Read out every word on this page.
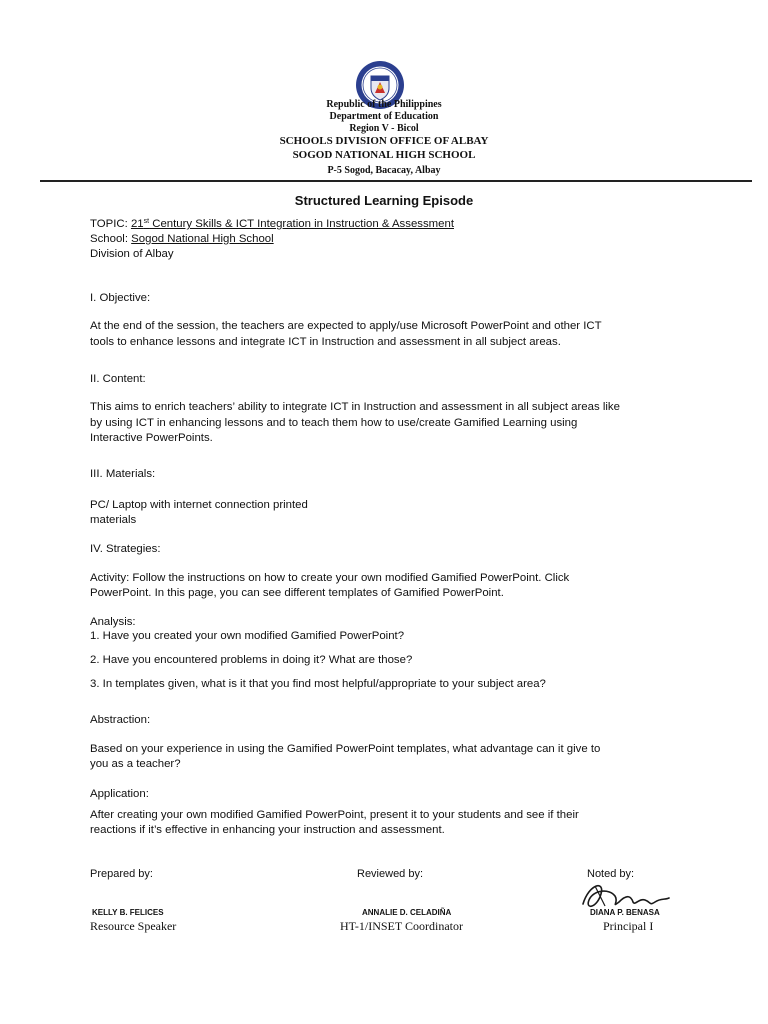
Republic of the Philippines
Department of Education
Region V - Bicol
SCHOOLS DIVISION OFFICE OF ALBAY
SOGOD NATIONAL HIGH SCHOOL
P-5 Sogod, Bacacay, Albay
Structured Learning Episode
TOPIC: 21st Century Skills & ICT Integration in Instruction & Assessment
School: Sogod National High School
Division of Albay
I. Objective:
At the end of the session, the teachers are expected to apply/use Microsoft PowerPoint and other ICT
tools to enhance lessons and integrate ICT in Instruction and assessment in all subject areas.
II. Content:
This aims to enrich teachers’ ability to integrate ICT in Instruction and assessment in all subject areas like
by using ICT in enhancing lessons and to teach them how to use/create Gamified Learning using
Interactive PowerPoints.
III. Materials:
PC/ Laptop with internet connection printed
materials
IV. Strategies:
Activity: Follow the instructions on how to create your own modified Gamified PowerPoint. Click
PowerPoint. In this page, you can see different templates of Gamified PowerPoint.
Analysis:
1. Have you created your own modified Gamified PowerPoint?
2. Have you encountered problems in doing it? What are those?
3. In templates given, what is it that you find most helpful/appropriate to your subject area?
Abstraction:
Based on your experience in using the Gamified PowerPoint templates, what advantage can it give to
you as a teacher?
Application:
After creating your own modified Gamified PowerPoint, present it to your students and see if their
reactions if it’s effective in enhancing your instruction and assessment.
Prepared by:	Reviewed by:	Noted by:
KELLY B. FELICES	ANNALIE D. CELADIÑA	DIANA P. BENASA
Resource Speaker	HT-1/INSET Coordinator	Principal I
